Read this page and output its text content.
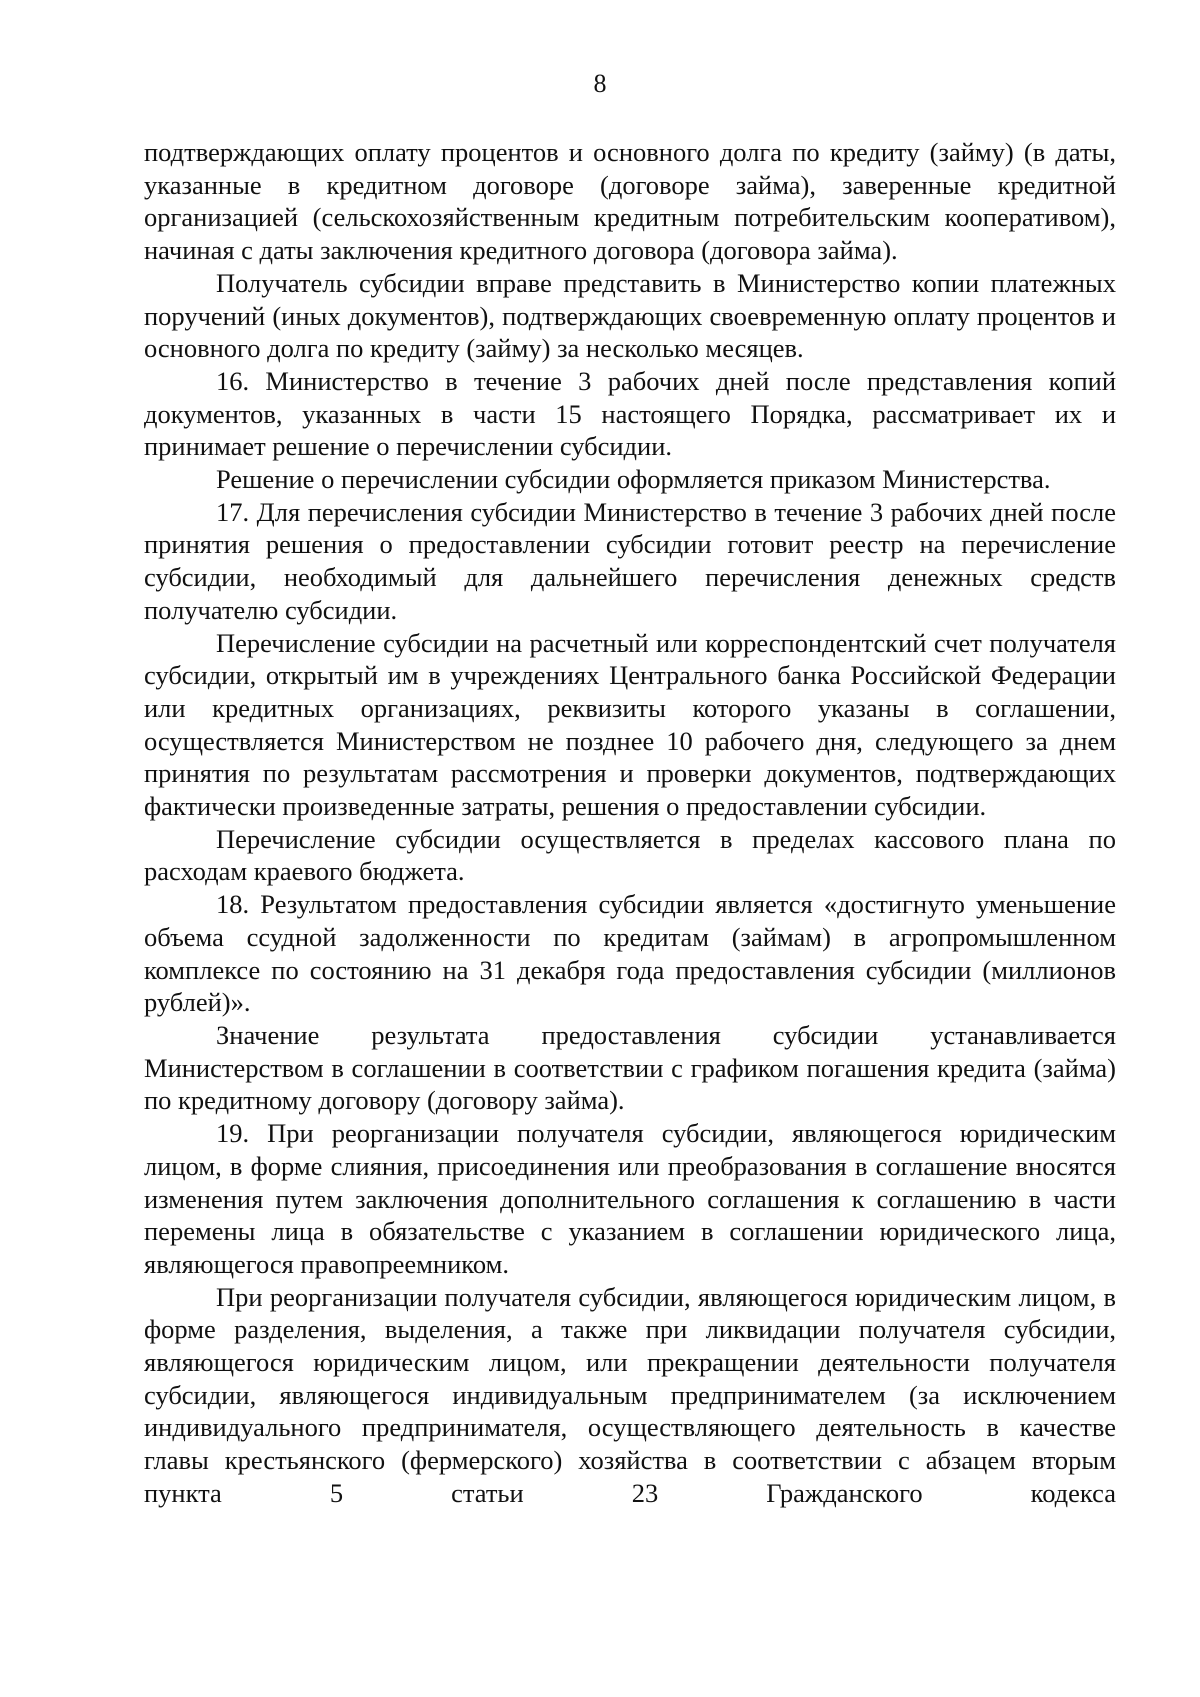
8

подтверждающих оплату процентов и основного долга по кредиту (займу) (в даты, указанные в кредитном договоре (договоре займа), заверенные кредитной организацией (сельскохозяйственным кредитным потребительским кооперативом), начиная с даты заключения кредитного договора (договора займа).

Получатель субсидии вправе представить в Министерство копии платежных поручений (иных документов), подтверждающих своевременную оплату процентов и основного долга по кредиту (займу) за несколько месяцев.

16. Министерство в течение 3 рабочих дней после представления копий документов, указанных в части 15 настоящего Порядка, рассматривает их и принимает решение о перечислении субсидии.

Решение о перечислении субсидии оформляется приказом Министерства.

17. Для перечисления субсидии Министерство в течение 3 рабочих дней после принятия решения о предоставлении субсидии готовит реестр на перечисление субсидии, необходимый для дальнейшего перечисления денежных средств получателю субсидии.

Перечисление субсидии на расчетный или корреспондентский счет получателя субсидии, открытый им в учреждениях Центрального банка Российской Федерации или кредитных организациях, реквизиты которого указаны в соглашении, осуществляется Министерством не позднее 10 рабочего дня, следующего за днем принятия по результатам рассмотрения и проверки документов, подтверждающих фактически произведенные затраты, решения о предоставлении субсидии.

Перечисление субсидии осуществляется в пределах кассового плана по расходам краевого бюджета.

18. Результатом предоставления субсидии является «достигнуто уменьшение объема ссудной задолженности по кредитам (займам) в агропромышленном комплексе по состоянию на 31 декабря года предоставления субсидии (миллионов рублей)».

Значение результата предоставления субсидии устанавливается Министерством в соглашении в соответствии с графиком погашения кредита (займа) по кредитному договору (договору займа).

19. При реорганизации получателя субсидии, являющегося юридическим лицом, в форме слияния, присоединения или преобразования в соглашение вносятся изменения путем заключения дополнительного соглашения к соглашению в части перемены лица в обязательстве с указанием в соглашении юридического лица, являющегося правопреемником.

При реорганизации получателя субсидии, являющегося юридическим лицом, в форме разделения, выделения, а также при ликвидации получателя субсидии, являющегося юридическим лицом, или прекращении деятельности получателя субсидии, являющегося индивидуальным предпринимателем (за исключением индивидуального предпринимателя, осуществляющего деятельность в качестве главы крестьянского (фермерского) хозяйства в соответствии с абзацем вторым пункта 5 статьи 23 Гражданского кодекса
